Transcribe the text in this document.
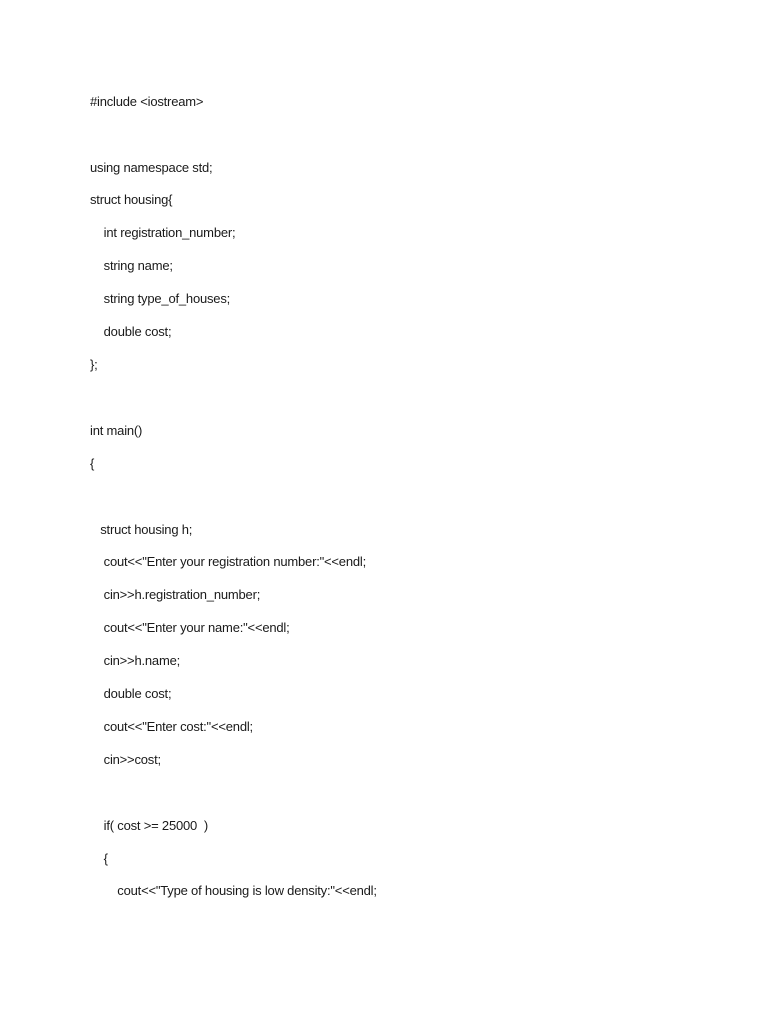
#include <iostream>
using namespace std;
struct housing{
int registration_number;
string name;
string type_of_houses;
double cost;
};
int main()
{
struct housing h;
cout<<"Enter your registration number:"<<endl;
cin>>h.registration_number;
cout<<"Enter your name:"<<endl;
cin>>h.name;
double cost;
cout<<"Enter cost:"<<endl;
cin>>cost;
if( cost >= 25000  )
{
cout<<"Type of housing is low density:"<<endl;
